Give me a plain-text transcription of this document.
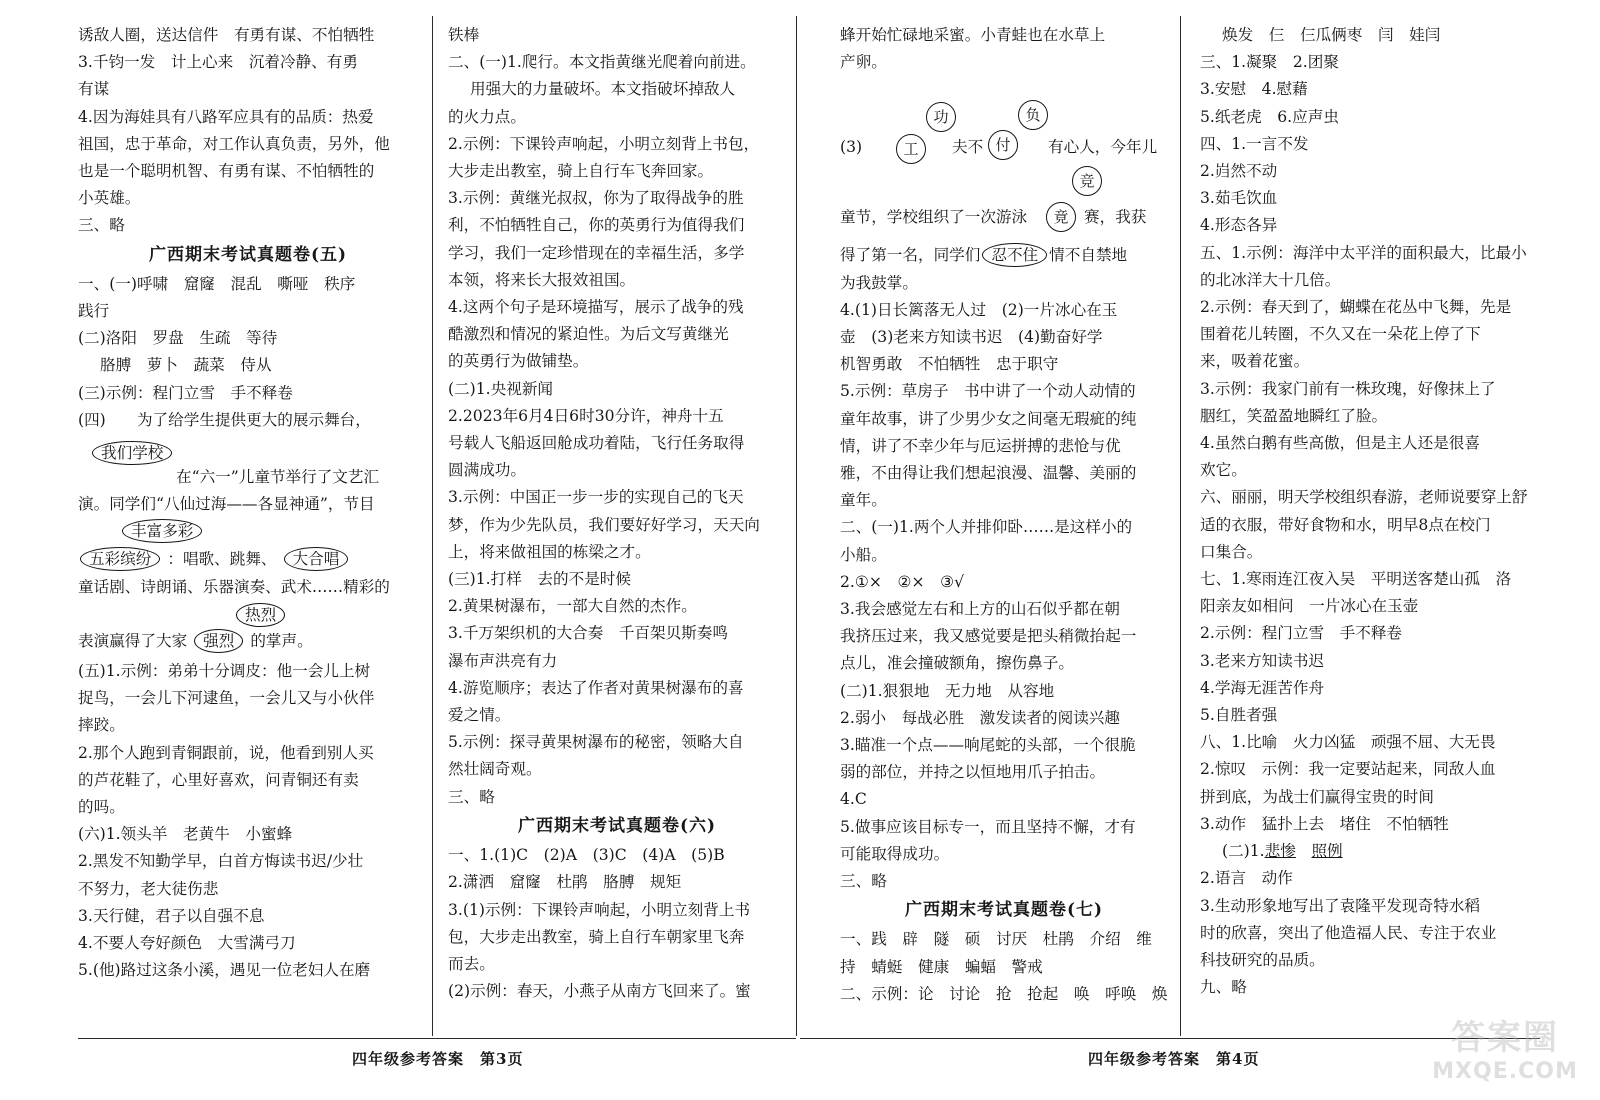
诱敌人圈，送达信件　有勇有谋、不怕牺牲
3.千钧一发　计上心来　沉着冷静、有勇
有谋
4.因为海娃具有八路军应具有的品质：热爱
祖国，忠于革命，对工作认真负责，另外，他
也是一个聪明机智、有勇有谋、不怕牺牲的
小英雄。
三、略
广西期末考试真题卷(五)
一、(一)呼啸　窟窿　混乱　嘶哑　秩序
践行
(二)洛阳　罗盘　生疏　等待
胳膊　萝卜　蔬菜　侍从
(三)示例：程门立雪　手不释卷
(四)　　为了给学生提供更大的展示舞台，
我们学校
在“六一”儿童节举行了文艺汇
演。同学们“八仙过海——各显神通”，节目
丰富多彩
五彩缤纷 ：唱歌、跳舞、 大合唱
童话剧、诗朗诵、乐器演奏、武术……精彩的
热烈
表演赢得了大家 强烈 的掌声。
(五)1.示例：弟弟十分调皮：他一会儿上树
捉鸟，一会儿下河逮鱼，一会儿又与小伙伴
摔跤。
2.那个人跑到青铜跟前，说，他看到别人买
的芦花鞋了，心里好喜欢，问青铜还有卖
的吗。
(六)1.领头羊　老黄牛　小蜜蜂
2.黑发不知勤学早，白首方悔读书迟/少壮
不努力，老大徒伤悲
3.天行健，君子以自强不息
4.不要人夸好颜色　大雪满弓刀
5.(他)路过这条小溪，遇见一位老妇人在磨
铁棒
二、(一)1.爬行。本文指黄继光爬着向前进。
用强大的力量破坏。本文指破坏掉敌人
的火力点。
2.示例：下课铃声响起，小明立刻背上书包，
大步走出教室，骑上自行车飞奔回家。
3.示例：黄继光叔叔，你为了取得战争的胜
利，不怕牺牲自己，你的英勇行为值得我们
学习，我们一定珍惜现在的幸福生活，多学
本领，将来长大报效祖国。
4.这两个句子是环境描写，展示了战争的残
酷激烈和情况的紧迫性。为后文写黄继光
的英勇行为做铺垫。
(二)1.央视新闻
2.2023年6月4日6时30分许，神舟十五
号载人飞船返回舱成功着陆，飞行任务取得
圆满成功。
3.示例：中国正一步一步的实现自己的飞天
梦，作为少先队员，我们要好好学习，天天向
上，将来做祖国的栋梁之才。
(三)1.打样　去的不是时候
2.黄果树瀑布，一部大自然的杰作。
3.千万架织机的大合奏　千百架贝斯奏鸣
瀑布声洪亮有力
4.游览顺序；表达了作者对黄果树瀑布的喜
爱之情。
5.示例：探寻黄果树瀑布的秘密，领略大自
然壮阔奇观。
三、略
广西期末考试真题卷(六)
一、1.(1)C　(2)A　(3)C　(4)A　(5)B
2.潇洒　窟窿　杜鹃　胳膊　规矩
3.(1)示例：下课铃声响起，小明立刻背上书
包，大步走出教室，骑上自行车朝家里飞奔
而去。
(2)示例：春天，小燕子从南方飞回来了。蜜
蜂开始忙碌地采蜜。小青蛙也在水草上
产卵。
(3)	工
功
夫不 付
负
有心人，今年儿
竞
竟
童节，学校组织了一次游泳	赛，我获
得了第一名，同学们 忍不住 情不自禁地
为我鼓掌。
4.(1)日长篱落无人过　(2)一片冰心在玉
壶　(3)老来方知读书迟　(4)勤奋好学
机智勇敢　不怕牺牲　忠于职守
5.示例：草房子　书中讲了一个动人动情的
童年故事，讲了少男少女之间毫无瑕疵的纯
情，讲了不幸少年与厄运拼搏的悲怆与优
雅，不由得让我们想起浪漫、温馨、美丽的
童年。
二、(一)1.两个人并排仰卧……是这样小的
小船。
2.①×　②×　③√
3.我会感觉左右和上方的山石似乎都在朝
我挤压过来，我又感觉要是把头稍微抬起一
点儿，准会撞破额角，擦伤鼻子。
(二)1.狠狠地　无力地　从容地
2.弱小　每战必胜　激发读者的阅读兴趣
3.瞄准一个点——响尾蛇的头部，一个很脆
弱的部位，并持之以恒地用爪子拍击。
4.C
5.做事应该目标专一，而且坚持不懈，才有
可能取得成功。
三、略
广西期末考试真题卷(七)
一、践　辟　隧　硕　讨厌　杜鹃　介绍　维
持　蜻蜓　健康　蝙蝠　警戒
二、示例：论　讨论　抢　抢起　唤　呼唤　焕
焕发　仨　仨瓜俩枣　闫　娃闫
三、1.凝聚　2.团聚
3.安慰　4.慰藉
5.纸老虎　6.应声虫
四、1.一言不发
2.岿然不动
3.茹毛饮血
4.形态各异
五、1.示例：海洋中太平洋的面积最大，比最小
的北冰洋大十几倍。
2.示例：春天到了，蝴蝶在花丛中飞舞，先是
围着花儿转圈，不久又在一朵花上停了下
来，吸着花蜜。
3.示例：我家门前有一株玫瑰，好像抹上了
胭红，笑盈盈地瞬红了脸。
4.虽然白鹅有些高傲，但是主人还是很喜
欢它。
六、丽丽，明天学校组织春游，老师说要穿上舒
适的衣服，带好食物和水，明早8点在校门
口集合。
七、1.寒雨连江夜入吴　平明送客楚山孤　洛
阳亲友如相问　一片冰心在玉壶
2.示例：程门立雪　手不释卷
3.老来方知读书迟
4.学海无涯苦作舟
5.自胜者强
八、1.比喻　火力凶猛　顽强不屈、大无畏
2.惊叹　示例：我一定要站起来，同敌人血
拼到底，为战士们赢得宝贵的时间
3.动作　猛扑上去　堵住　不怕牺牲
(二)1.悲惨　 照例
2.语言　动作
3.生动形象地写出了袁隆平发现奇特水稻
时的欣喜，突出了他造福人民、专注于农业
科技研究的品质。
九、略
四年级参考答案　第3页	四年级参考答案　第4页
答案圈
MXQE.COM
